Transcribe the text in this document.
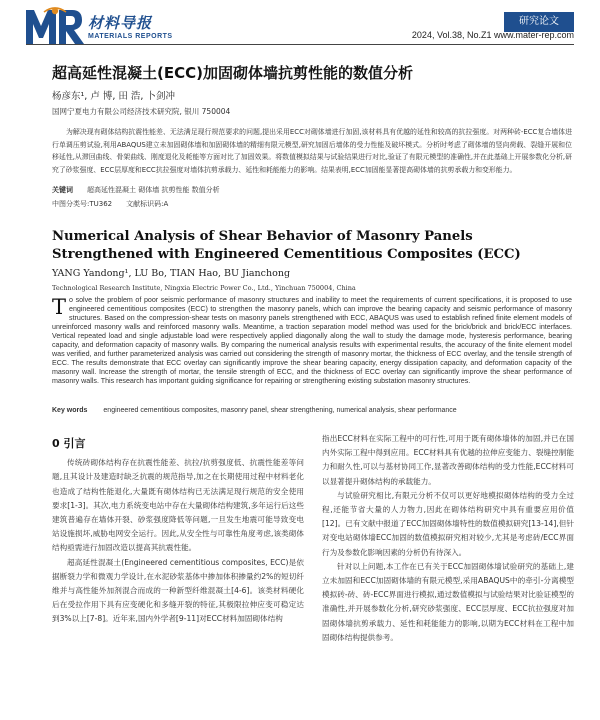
材料导报
MATERIALS REPORTS
研究论文
2024, Vol.38, No.Z1 www.mater-rep.com
超高延性混凝土(ECC)加固砌体墙抗剪性能的数值分析
杨彦东¹, 卢 博, 田 浩, 卜剑冲
国网宁夏电力有限公司经济技术研究院, 银川 750004
为解决现有砌体结构抗震性能差、无法满足现行规范要求的问题,提出采用ECC对砌体墙进行加固,该材料具有优越的延性和较高的抗拉强度。对两种砖-ECC复合墙体进行单调压剪试验,利用ABAQUS建立未加固砌体墙和加固砌体墙的精细有限元模型,研究加固后墙体的受力性能及破坏模式。分析时考虑了砌体墙的竖向荷载、裂缝开展和位移延性,从滞回曲线、骨架曲线、刚度退化及耗能等方面对比了加固效果。将数值模拟结果与试验结果进行对比,验证了有限元模型的准确性,并在此基础上开展参数化分析,研究了砂浆强度、ECC层厚度和ECC抗拉强度对墙体抗剪承载力、延性和耗能能力的影响。结果表明,ECC加固能显著提高砌体墙的抗剪承载力和变形能力。
关键词 超高延性混凝土 砌体墙 抗剪性能 数值分析
中图分类号:TU362 文献标识码:A
Numerical Analysis of Shear Behavior of Masonry Panels Strengthened with Engineered Cementitious Composites (ECC)
YANG Yandong¹, LU Bo, TIAN Hao, BU Jianchong
Technological Research Institute, Ningxia Electric Power Co., Ltd., Yinchuan 750004, China
To solve the problem of poor seismic performance of masonry structures and inability to meet the requirements of current specifications, it is proposed to use engineered cementitious composites (ECC) to strengthen the masonry panels, which can improve the bearing capacity and seismic performance of masonry structures. Based on the compression-shear tests on masonry panels strengthened with ECC, ABAQUS was used to establish refined finite element models of unreinforced masonry walls and reinforced masonry walls. Meantime, a traction separation model method was used for the brick/brick and brick/ECC interfaces. Vertical repeated load and single adjustable load were respectively applied diagonally along the wall to study the damage mode, hysteresis performance, bearing capacity, and deformation capacity of masonry walls. By comparing the numerical analysis results with experimental results, the accuracy of the finite element model was verified, and further parameterized analysis was carried out considering the strength of masonry mortar, the thickness of ECC overlay, and the tensile strength of ECC. The results demonstrate that ECC overlay can significantly improve the shear bearing capacity, energy dissipation capacity, and deformation capacity of the masonry wall. Increase the strength of mortar, the tensile strength of ECC, and the thickness of ECC overlay can significantly improve the shear performance of masonry walls. This research has important guiding significance for repairing or strengthening existing substation masonry structures.
Key words engineered cementitious composites, masonry panel, shear strengthening, numerical analysis, shear performance
0 引言

传统砖砌体结构存在抗震性能差、抗拉/抗剪强度低、抗震性能差等问题,且其设计及建造时缺乏抗震的规范指导,加之在长期使用过程中材料老化也造成了结构性能退化,大量既有砌体结构已无法满足现行规范的安全使用要求[1-3]。其次,电力系统变电站中存在大量砌体结构建筑,多年运行后这些建筑普遍存在墙体开裂、砂浆强度降低等问题,一旦发生地震可能导致变电站设施损坏,威胁电网安全运行。因此,从安全性与可靠性角度考虑,该类砌体结构亟需进行加固改造以提高其抗震性能。

超高延性混凝土(Engineered cementitious composites, ECC)是依据断裂力学和微观力学设计,在水泥砂浆基体中掺加体积掺量约2%的短切纤维并与高性能外加剂混合而成的一种新型纤维混凝土[4-6]。该类材料硬化后在受拉作用下具有应变硬化和多缝开裂的特征,其极限拉伸应变可稳定达到3%以上[7-8]。近年来,国内外学者[9-11]对ECC材料加固砌体结构

指出ECC材料在实际工程中的可行性,可用于既有砌体墙体的加固,并已在国内外实际工程中得到应用。ECC材料具有优越的拉伸应变能力、裂缝控制能力和耐久性,可以与基材协同工作,显著改善砌体结构的受力性能,ECC材料可以显著提升砌体结构的承载能力。

与试验研究相比,有限元分析不仅可以更好地模拟砌体结构的受力全过程,还能节省大量的人力物力,因此在砌体结构研究中具有重要应用价值[12]。已有文献中报道了ECC加固砌体墙特性的数值模拟研究[13-14],但针对变电站砌体墙ECC加固的数值模拟研究相对较少,尤其是考虑砖/ECC界面行为及参数化影响因素的分析仍有待深入。

针对以上问题,本工作在已有关于ECC加固砌体墙试验研究的基础上,建立未加固和ECC加固砌体墙的有限元模型,采用ABAQUS中的牵引-分离模型模拟砖-砖、砖-ECC界面进行模拟,通过数值模拟与试验结果对比验证模型的准确性,并开展参数化分析,研究砂浆强度、ECC层厚度、ECC抗拉强度对加固砌体墙抗剪承载力、延性和耗能能力的影响,以期为ECC材料在工程中加固砌体结构提供参考。
